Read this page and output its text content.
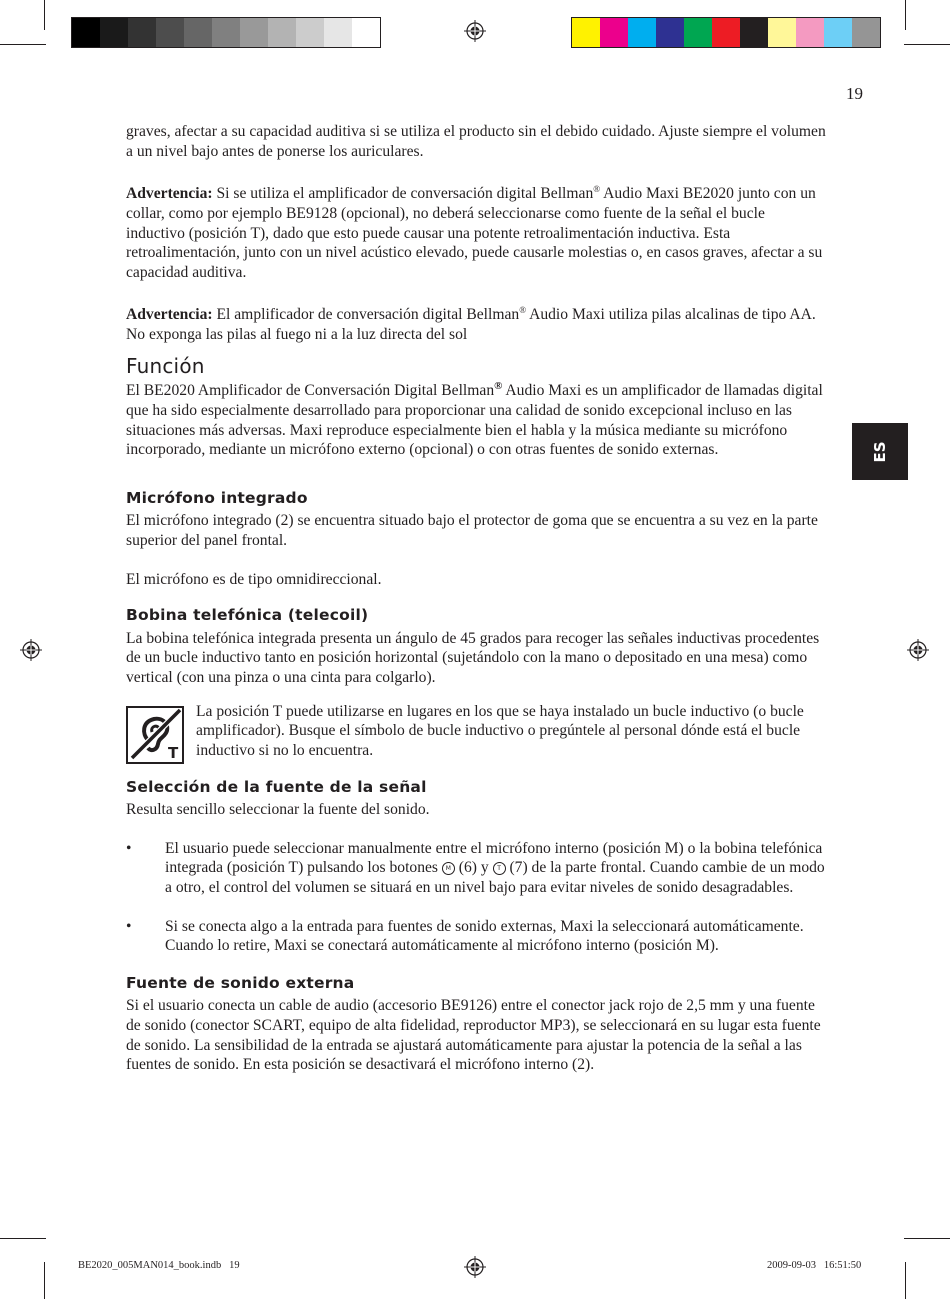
19
ES

graves, afectar a su capacidad auditiva si se utiliza el producto sin el debido cuidado. Ajuste siempre el volumen a un nivel bajo antes de ponerse los auriculares.

Advertencia: Si se utiliza el amplificador de conversación digital Bellman® Audio Maxi BE2020 junto con un collar, como por ejemplo BE9128 (opcional), no deberá seleccionarse como fuente de la señal el bucle inductivo (posición T), dado que esto puede causar una potente retroalimentación inductiva. Esta retroalimentación, junto con un nivel acústico elevado, puede causarle molestias o, en casos graves, afectar a su capacidad auditiva.

Advertencia: El amplificador de conversación digital Bellman® Audio Maxi utiliza pilas alcalinas de tipo AA. No exponga las pilas al fuego ni a la luz directa del sol

Función

El BE2020 Amplificador de Conversación Digital Bellman® Audio Maxi es un amplificador de llamadas digital que ha sido especialmente desarrollado para proporcionar una calidad de sonido excepcional incluso en las situaciones más adversas. Maxi reproduce especialmente bien el habla y la música mediante su micrófono incorporado, mediante un micrófono externo (opcional) o con otras fuentes de sonido externas.

Micrófono integrado

El micrófono integrado (2) se encuentra situado bajo el protector de goma que se encuentra a su vez en la parte superior del panel frontal.

El micrófono es de tipo omnidireccional.

Bobina telefónica (telecoil)

La bobina telefónica integrada presenta un ángulo de 45 grados para recoger las señales inductivas procedentes de un bucle inductivo tanto en posición horizontal (sujetándolo con la mano o depositado en una mesa) como vertical (con una pinza o una cinta para colgarlo).

T

La posición T puede utilizarse en lugares en los que se haya instalado un bucle inductivo (o bucle amplificador). Busque el símbolo de bucle inductivo o pregúntele al personal dónde está el bucle inductivo si no lo encuentra.

Selección de la fuente de la señal

Resulta sencillo seleccionar la fuente del sonido.

•	El usuario puede seleccionar manualmente entre el micrófono interno (posición M) o la bobina telefónica integrada (posición T) pulsando los botones M (6) y T (7) de la parte frontal. Cuando cambie de un modo a otro, el control del volumen se situará en un nivel bajo para evitar niveles de sonido desagradables.

•	Si se conecta algo a la entrada para fuentes de sonido externas, Maxi la seleccionará automáticamente. Cuando lo retire, Maxi se conectará automáticamente al micrófono interno (posición M).

Fuente de sonido externa

Si el usuario conecta un cable de audio (accesorio BE9126) entre el conector jack rojo de 2,5 mm y una fuente de sonido (conector SCART, equipo de alta fidelidad, reproductor MP3), se seleccionará en su lugar esta fuente de sonido. La sensibilidad de la entrada se ajustará automáticamente para ajustar la potencia de la señal a las fuentes de sonido. En esta posición se desactivará el micrófono interno (2).

BE2020_005MAN014_book.indb   19	2009-09-03   16:51:50
